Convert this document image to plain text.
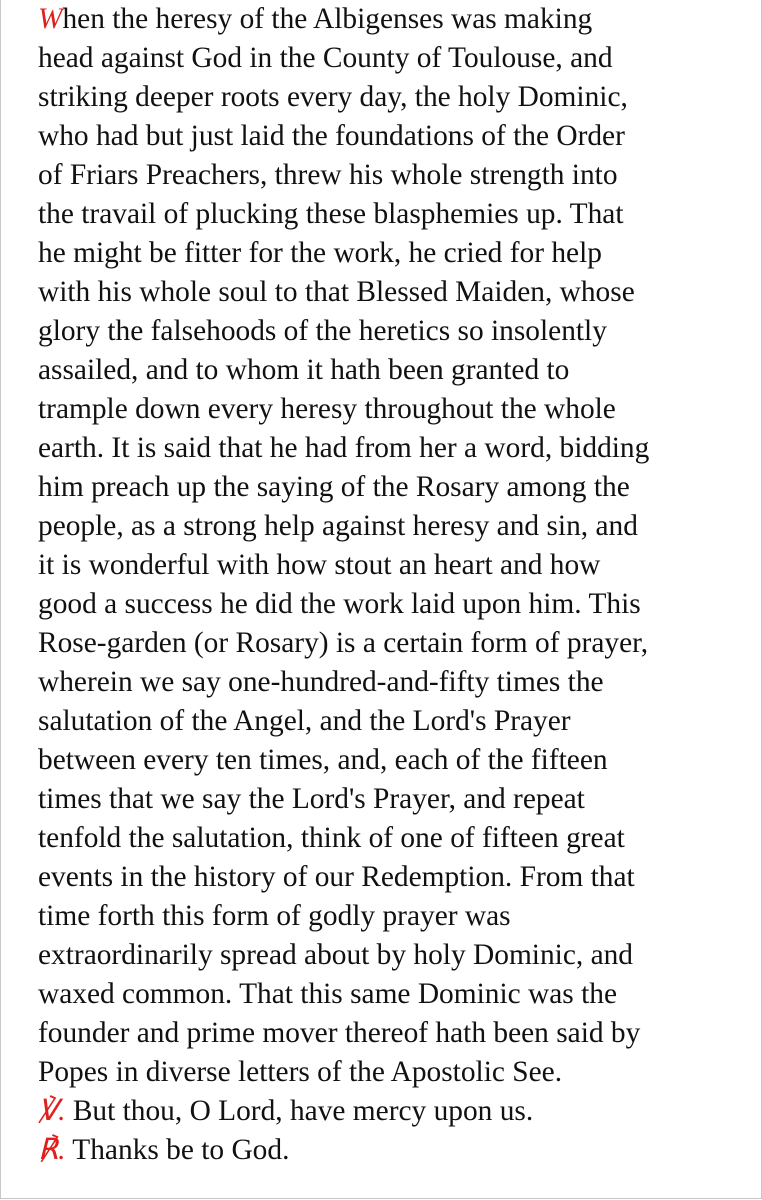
When the heresy of the Albigenses was making
head against God in the County of Toulouse, and
striking deeper roots every day, the holy Dominic,
who had but just laid the foundations of the Order
of Friars Preachers, threw his whole strength into
the travail of plucking these blasphemies up. That
he might be fitter for the work, he cried for help
with his whole soul to that Blessed Maiden, whose
glory the falsehoods of the heretics so insolently
assailed, and to whom it hath been granted to
trample down every heresy throughout the whole
earth. It is said that he had from her a word, bidding
him preach up the saying of the Rosary among the
people, as a strong help against heresy and sin, and
it is wonderful with how stout an heart and how
good a success he did the work laid upon him. This
Rose-garden (or Rosary) is a certain form of prayer,
wherein we say one-hundred-and-fifty times the
salutation of the Angel, and the Lord's Prayer
between every ten times, and, each of the fifteen
times that we say the Lord's Prayer, and repeat
tenfold the salutation, think of one of fifteen great
events in the history of our Redemption. From that
time forth this form of godly prayer was
extraordinarily spread about by holy Dominic, and
waxed common. That this same Dominic was the
founder and prime mover thereof hath been said by
Popes in diverse letters of the Apostolic See.
℣. But thou, O Lord, have mercy upon us.
℟. Thanks be to God.
